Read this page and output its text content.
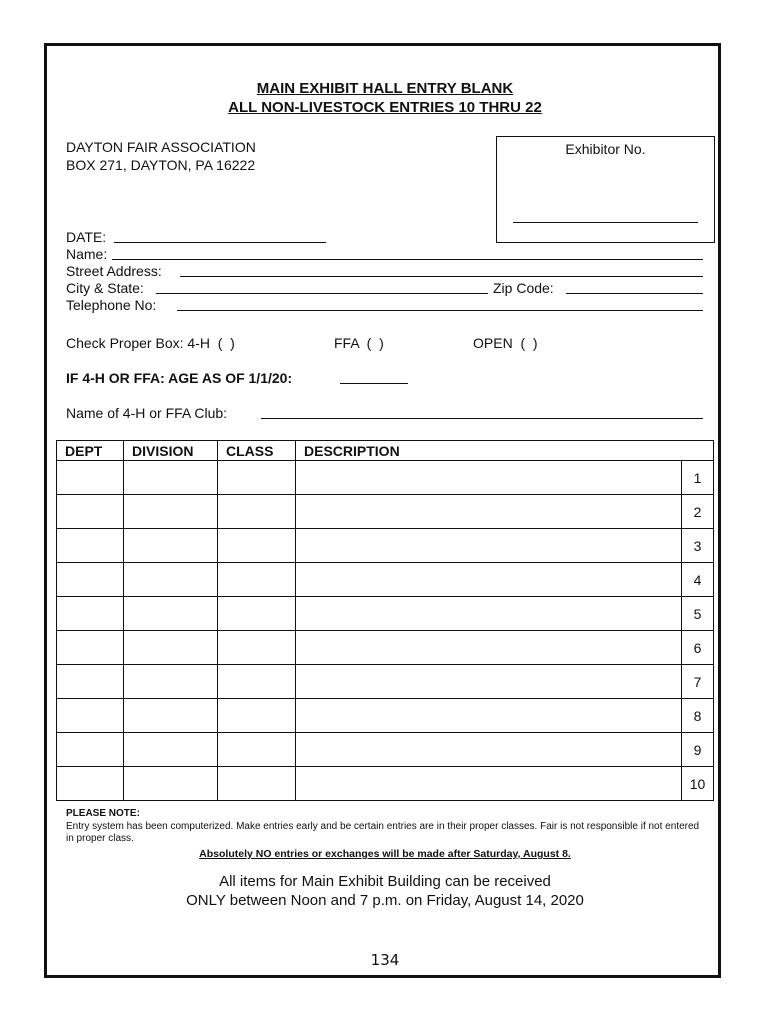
MAIN EXHIBIT HALL ENTRY BLANK
ALL NON-LIVESTOCK ENTRIES 10 THRU 22
DAYTON FAIR ASSOCIATION
BOX 271, DAYTON, PA 16222
Exhibitor No.
DATE:
Name:
Street Address:
City & State:	Zip Code:
Telephone No:
Check Proper Box: 4-H  (  )	FFA  (  )	OPEN  (  )
IF 4-H OR FFA: AGE AS OF 1/1/20:
Name of 4-H or FFA Club:
DEPT	DIVISION	CLASS	DESCRIPTION	
				1
				2
				3
				4
				5
				6
				7
				8
				9
				10
PLEASE NOTE:
Entry system has been computerized. Make entries early and be certain entries are in their proper classes. Fair is not responsible if not entered in proper class.
Absolutely NO entries or exchanges will be made after Saturday, August 8.
All items for Main Exhibit Building can be received
ONLY between Noon and 7 p.m. on Friday, August 14, 2020
134
